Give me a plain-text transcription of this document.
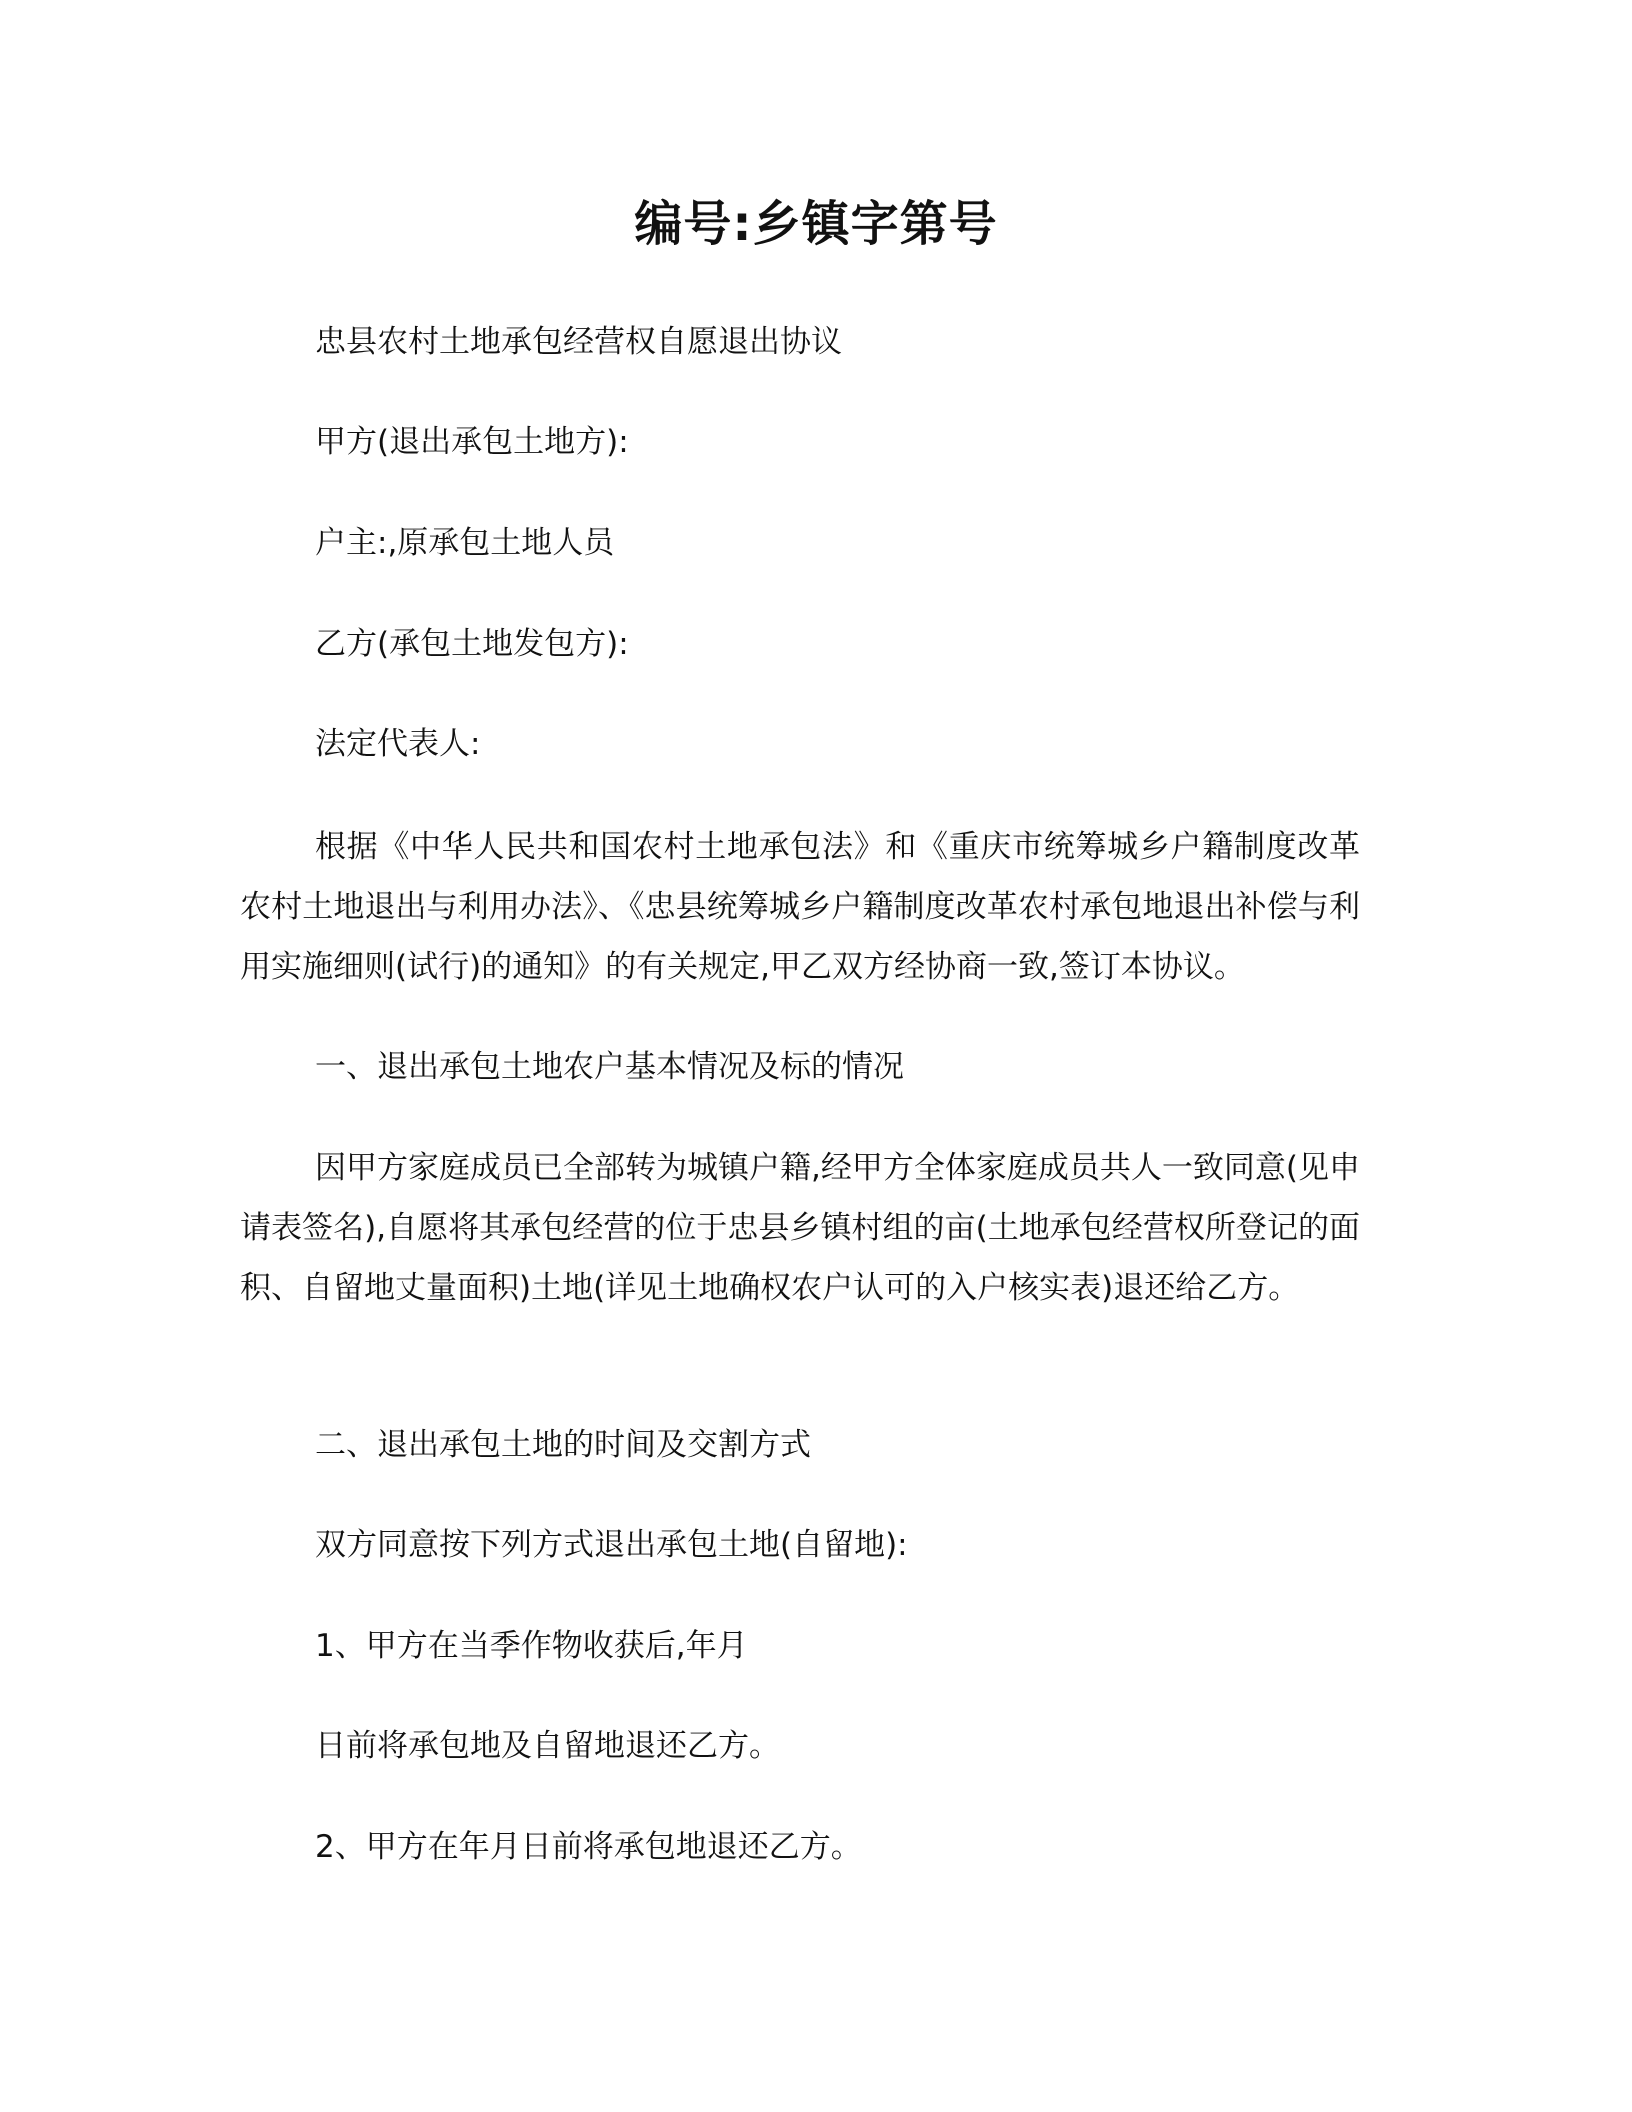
编号:乡镇字第号
忠县农村土地承包经营权自愿退出协议
甲方(退出承包土地方):
户主:,原承包土地人员
乙方(承包土地发包方):
法定代表人:
根据《中华人民共和国农村土地承包法》和《重庆市统筹城乡户籍制度改革农村土地退出与利用办法》、《忠县统筹城乡户籍制度改革农村承包地退出补偿与利用实施细则(试行)的通知》的有关规定,甲乙双方经协商一致,签订本协议。
一、退出承包土地农户基本情况及标的情况
因甲方家庭成员已全部转为城镇户籍,经甲方全体家庭成员共人一致同意(见申请表签名),自愿将其承包经营的位于忠县乡镇村组的亩(土地承包经营权所登记的面积、自留地丈量面积)土地(详见土地确权农户认可的入户核实表)退还给乙方。
二、退出承包土地的时间及交割方式
双方同意按下列方式退出承包土地(自留地):
1、甲方在当季作物收获后,年月
日前将承包地及自留地退还乙方。
2、甲方在年月日前将承包地退还乙方。
